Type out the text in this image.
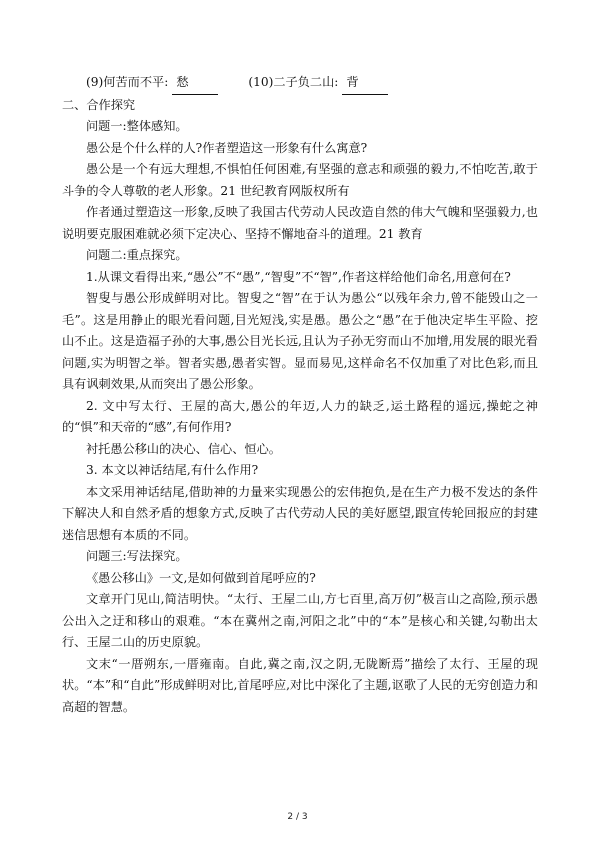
(9)何苦而不平: 愁	(10)二子负二山: 背

二、合作探究

问题一:整体感知。

愚公是个什么样的人?作者塑造这一形象有什么寓意?

愚公是一个有远大理想,不惧怕任何困难,有坚强的意志和顽强的毅力,不怕吃苦,敢于斗争的令人尊敬的老人形象。21 世纪教育网版权所有

作者通过塑造这一形象,反映了我国古代劳动人民改造自然的伟大气魄和坚强毅力,也说明要克服困难就必须下定决心、坚持不懈地奋斗的道理。21 教育

问题二:重点探究。

1.从课文看得出来,“愚公”不“愚”,“智叟”不“智”,作者这样给他们命名,用意何在?

智叟与愚公形成鲜明对比。智叟之“智”在于认为愚公“以残年余力,曾不能毁山之一毛”。这是用静止的眼光看问题,目光短浅,实是愚。愚公之“愚”在于他决定毕生平险、挖山不止。这是造福子孙的大事,愚公目光长远,且认为子孙无穷而山不加增,用发展的眼光看问题,实为明智之举。智者实愚,愚者实智。显而易见,这样命名不仅加重了对比色彩,而且具有讽刺效果,从而突出了愚公形象。

2. 文中写太行、王屋的高大,愚公的年迈,人力的缺乏,运土路程的遥远,操蛇之神的“惧”和天帝的“感”,有何作用?

衬托愚公移山的决心、信心、恒心。

3. 本文以神话结尾,有什么作用?

本文采用神话结尾,借助神的力量来实现愚公的宏伟抱负,是在生产力极不发达的条件下解决人和自然矛盾的想象方式,反映了古代劳动人民的美好愿望,跟宣传轮回报应的封建迷信思想有本质的不同。

问题三:写法探究。

《愚公移山》一文,是如何做到首尾呼应的?

文章开门见山,简洁明快。“太行、王屋二山,方七百里,高万仞”极言山之高险,预示愚公出入之迂和移山的艰难。“本在冀州之南,河阳之北”中的“本”是核心和关键,勾勒出太行、王屋二山的历史原貌。

文末“一厝朔东,一厝雍南。自此,冀之南,汉之阴,无陇断焉”描绘了太行、王屋的现状。“本”和“自此”形成鲜明对比,首尾呼应,对比中深化了主题,讴歌了人民的无穷创造力和高超的智慧。

2 / 3
